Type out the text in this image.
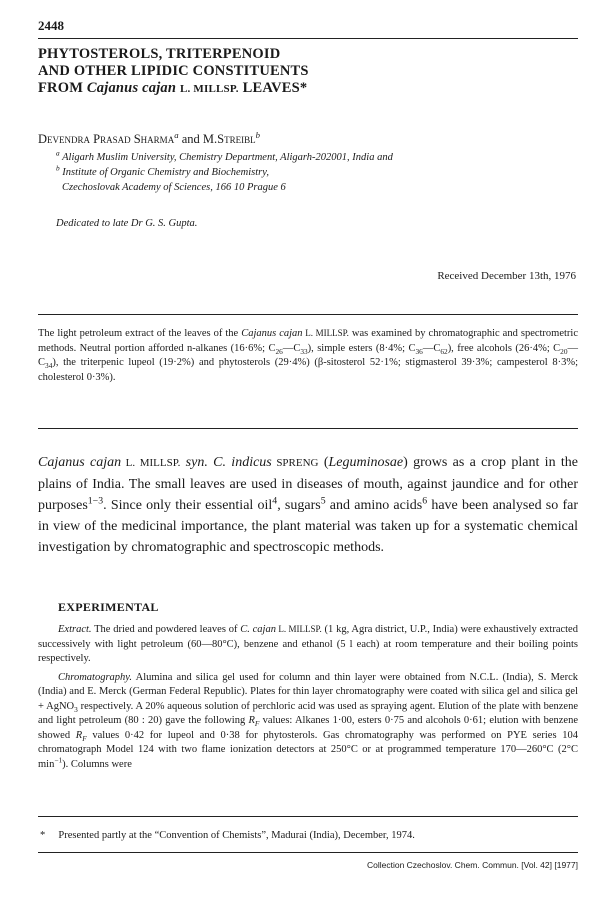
2448
PHYTOSTEROLS, TRITERPENOID
AND OTHER LIPIDIC CONSTITUENTS
FROM Cajanus cajan L. MILLSP. LEAVES*
Devendra Prasad Sharma$^a$ and M.Streibl$^b$
$^a$ Aligarh Muslim University, Chemistry Department, Aligarh-202001, India and
$^b$ Institute of Organic Chemistry and Biochemistry,
Czechoslovak Academy of Sciences, 166 10 Prague 6
Dedicated to late Dr G. S. Gupta.
Received December 13th, 1976
The light petroleum extract of the leaves of the Cajanus cajan L. MILLSP. was examined by chromatographic and spectrometric methods. Neutral portion afforded n-alkanes (16·6%; $C_{26}—C_{33}$), simple esters (8·4%; $C_{36}—C_{62}$), free alcohols (26·4%; $C_{20}—C_{34}$), the triterpenic lupeol (19·2%) and phytosterols (29·4%) (β-sitosterol 52·1%; stigmasterol 39·3%; campesterol 8·3%; cholesterol 0·3%).
Cajanus cajan L. MILLSP. syn. C. indicus SPRENG (Leguminosae) grows as a crop plant in the plains of India. The small leaves are used in diseases of mouth, against jaundice and for other purposes$^{1-3}$. Since only their essential oil$^4$, sugars$^5$ and amino acids$^6$ have been analysed so far in view of the medicinal importance, the plant material was taken up for a systematic chemical investigation by chromatographic and spectroscopic methods.
EXPERIMENTAL

Extract. The dried and powdered leaves of C. cajan L. MILLSP. (1 kg, Agra district, U.P., India) were exhaustively extracted successively with light petroleum (60—80°C), benzene and ethanol (5 l each) at room temperature and their boiling points respectively.

Chromatography. Alumina and silica gel used for column and thin layer were obtained from N.C.L. (India), S. Merck (India) and E. Merck (German Federal Republic). Plates for thin layer chromatography were coated with silica gel and silica gel + AgNO$_3$ respectively. A 20% aqueous solution of perchloric acid was used as spraying agent. Elution of the plate with benzene and light petroleum (80 : 20) gave the following $R_F$ values: Alkanes 1·00, esters 0·75 and alcohols 0·61; elution with benzene showed $R_F$ values 0·42 for lupeol and 0·38 for phytosterols. Gas chromatography was performed on PYE series 104 chromatograph Model 124 with two flame ionization detectors at 250°C or at programmed temperature 170—260°C (2°C $\min^{-1}$). Columns were

*     Presented partly at the “Convention of Chemists”, Madurai (India), December, 1974.
Collection Czechoslov. Chem. Commun. [Vol. 42] [1977]
